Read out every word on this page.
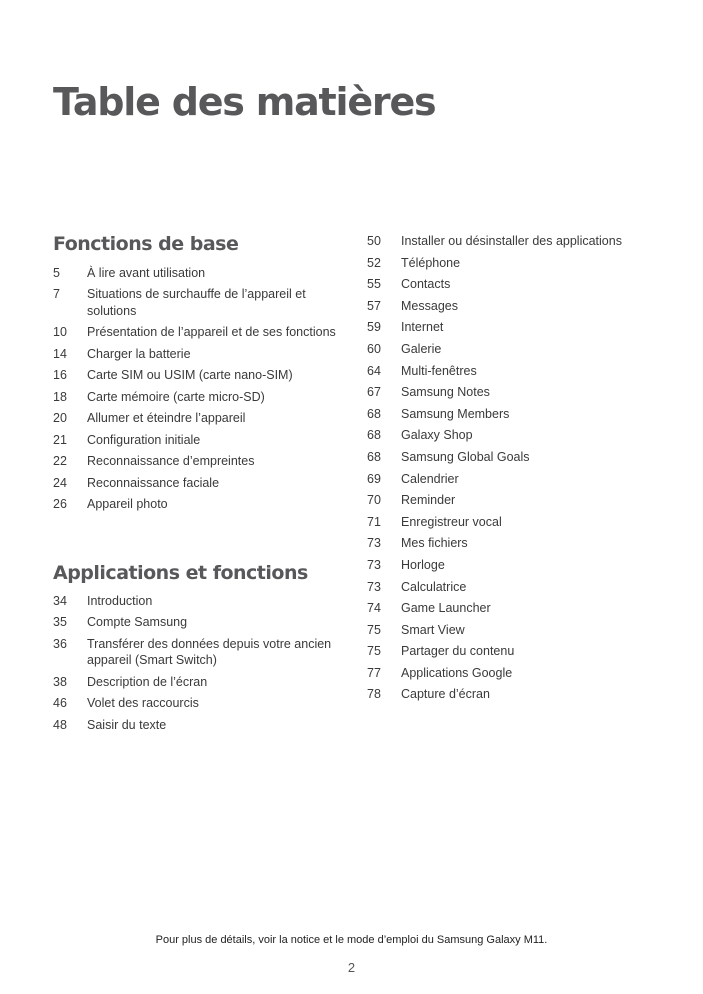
Table des matières
Fonctions de base
5	À lire avant utilisation
7	Situations de surchauffe de l’appareil et solutions
10	Présentation de l’appareil et de ses fonctions
14	Charger la batterie
16	Carte SIM ou USIM (carte nano-SIM)
18	Carte mémoire (carte micro-SD)
20	Allumer et éteindre l’appareil
21	Configuration initiale
22	Reconnaissance d’empreintes
24	Reconnaissance faciale
26	Appareil photo
Applications et fonctions
34	Introduction
35	Compte Samsung
36	Transférer des données depuis votre ancien appareil (Smart Switch)
38	Description de l’écran
46	Volet des raccourcis
48	Saisir du texte
50	Installer ou désinstaller des applications
52	Téléphone
55	Contacts
57	Messages
59	Internet
60	Galerie
64	Multi-fenêtres
67	Samsung Notes
68	Samsung Members
68	Galaxy Shop
68	Samsung Global Goals
69	Calendrier
70	Reminder
71	Enregistreur vocal
73	Mes fichiers
73	Horloge
73	Calculatrice
74	Game Launcher
75	Smart View
75	Partager du contenu
77	Applications Google
78	Capture d’écran
Pour plus de détails, voir la notice et le mode d’emploi du Samsung Galaxy M11.
2
